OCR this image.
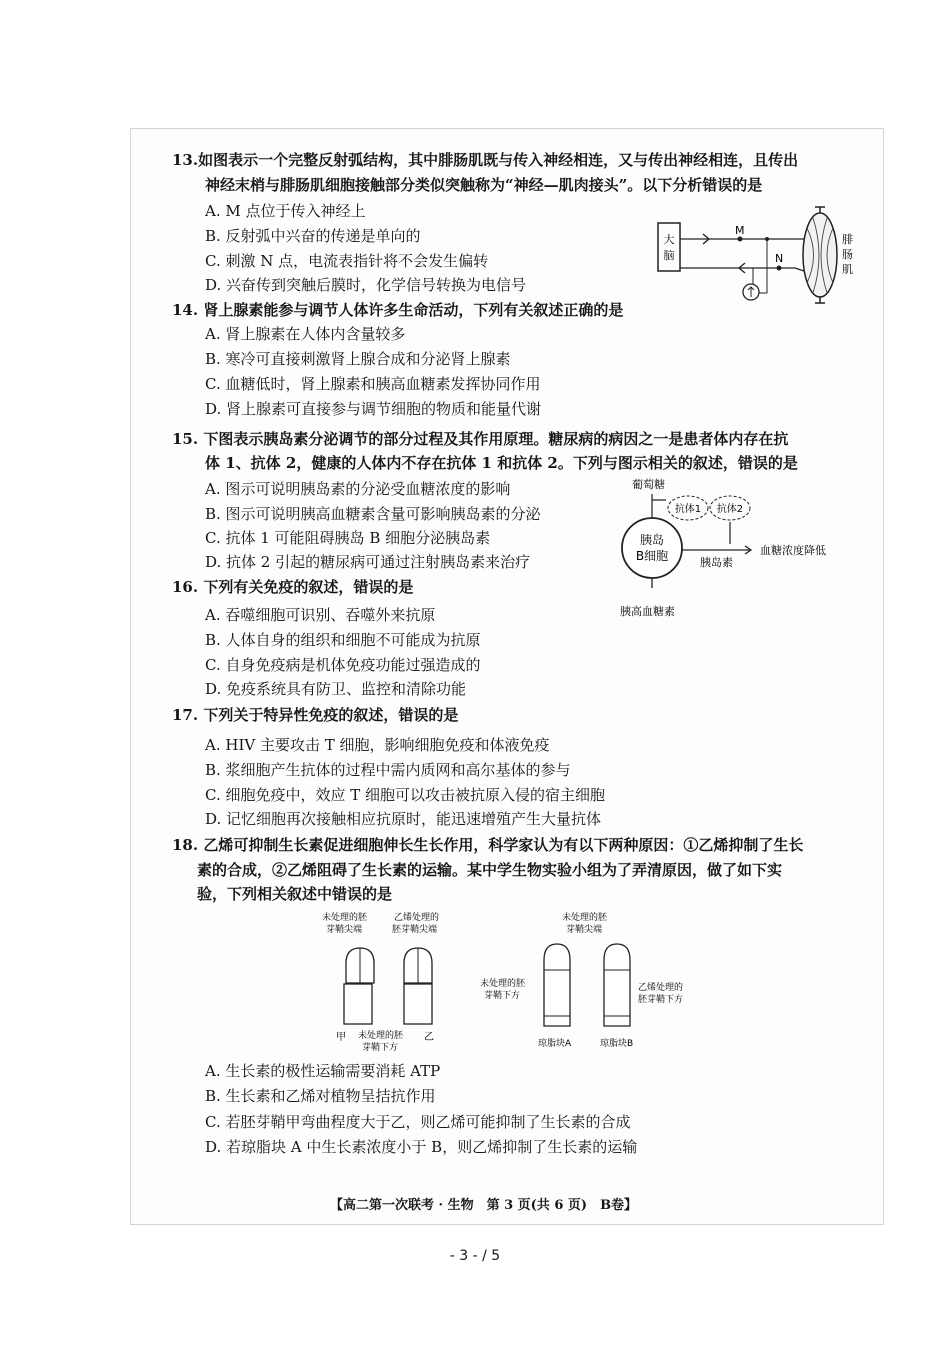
13.如图表示一个完整反射弧结构，其中腓肠肌既与传入神经相连，又与传出神经相连，且传出
神经末梢与腓肠肌细胞接触部分类似突触称为“神经—肌肉接头”。以下分析错误的是
A. M 点位于传入神经上
B. 反射弧中兴奋的传递是单向的
C. 刺激 N 点，电流表指针将不会发生偏转
D. 兴奋传到突触后膜时，化学信号转换为电信号
大
脑
M
N
腓
肠
肌
14. 肾上腺素能参与调节人体许多生命活动，下列有关叙述正确的是
A. 肾上腺素在人体内含量较多
B. 寒冷可直接刺激肾上腺合成和分泌肾上腺素
C. 血糖低时，肾上腺素和胰高血糖素发挥协同作用
D. 肾上腺素可直接参与调节细胞的物质和能量代谢
15. 下图表示胰岛素分泌调节的部分过程及其作用原理。糖尿病的病因之一是患者体内存在抗
体 1、抗体 2，健康的人体内不存在抗体 1 和抗体 2。下列与图示相关的叙述，错误的是
A. 图示可说明胰岛素的分泌受血糖浓度的影响
B. 图示可说明胰高血糖素含量可影响胰岛素的分泌
C. 抗体 1 可能阻碍胰岛 B 细胞分泌胰岛素
D. 抗体 2 引起的糖尿病可通过注射胰岛素来治疗
葡萄糖
抗体1 抗体2
胰岛
B细胞	胰岛素
血糖浓度降低
胰高血糖素
16. 下列有关免疫的叙述，错误的是
A. 吞噬细胞可识别、吞噬外来抗原
B. 人体自身的组织和细胞不可能成为抗原
C. 自身免疫病是机体免疫功能过强造成的
D. 免疫系统具有防卫、监控和清除功能
17. 下列关于特异性免疫的叙述，错误的是
A. HIV 主要攻击 T 细胞，影响细胞免疫和体液免疫
B. 浆细胞产生抗体的过程中需内质网和高尔基体的参与
C. 细胞免疫中，效应 T 细胞可以攻击被抗原入侵的宿主细胞
D. 记忆细胞再次接触相应抗原时，能迅速增殖产生大量抗体
18. 乙烯可抑制生长素促进细胞伸长生长作用，科学家认为有以下两种原因：①乙烯抑制了生长
素的合成，②乙烯阻碍了生长素的运输。某中学生物实验小组为了弄清原因，做了如下实
验，下列相关叙述中错误的是
未处理的胚
芽鞘尖端
乙烯处理的
胚芽鞘尖端
甲	乙
未处理的胚
芽鞘下方
未处理的胚
芽鞘尖端
未处理的胚
芽鞘下方
乙烯处理的
胚芽鞘下方
琼脂块A	琼脂块B
A. 生长素的极性运输需要消耗 ATP
B. 生长素和乙烯对植物呈拮抗作用
C. 若胚芽鞘甲弯曲程度大于乙，则乙烯可能抑制了生长素的合成
D. 若琼脂块 A 中生长素浓度小于 B，则乙烯抑制了生长素的运输
【高二第一次联考 · 生物　第 3 页(共 6 页)　B卷】
- 3 - / 5
